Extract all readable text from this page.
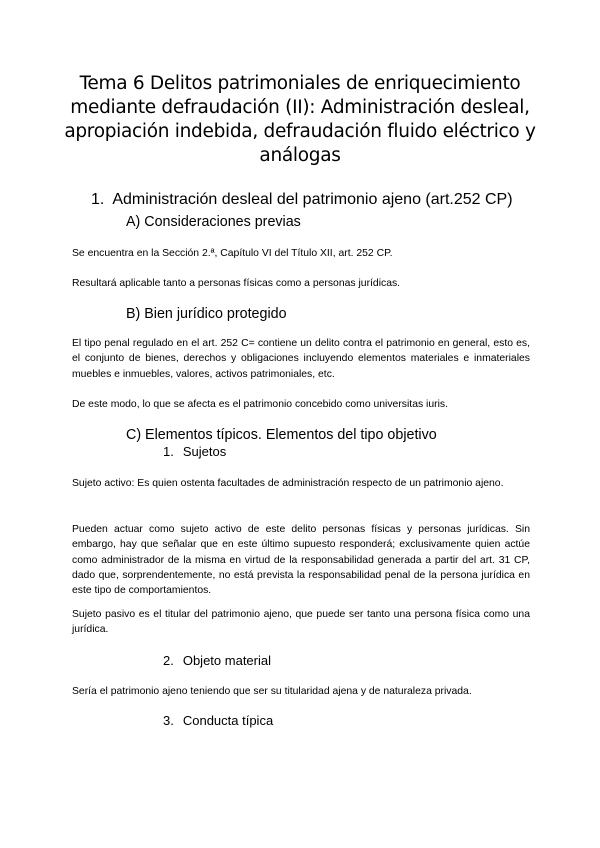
Tema 6 Delitos patrimoniales de enriquecimiento mediante defraudación (II): Administración desleal, apropiación indebida, defraudación fluido eléctrico y análogas
1. Administración desleal del patrimonio ajeno (art.252 CP)
A) Consideraciones previas

Se encuentra en la Sección 2.ª, Capítulo VI del Título XII, art. 252 CP.

Resultará aplicable tanto a personas físicas como a personas jurídicas.

B) Bien jurídico protegido

El tipo penal regulado en el art. 252 C= contiene un delito contra el patrimonio en general, esto es, el conjunto de bienes, derechos y obligaciones incluyendo elementos materiales e inmateriales muebles e inmuebles, valores, activos patrimoniales, etc.

De este modo, lo que se afecta es el patrimonio concebido como universitas iuris.

C) Elementos típicos. Elementos del tipo objetivo
1. Sujetos

Sujeto activo: Es quien ostenta facultades de administración respecto de un patrimonio ajeno.

Pueden actuar como sujeto activo de este delito personas físicas y personas jurídicas. Sin embargo, hay que señalar que en este último supuesto responderá; exclusivamente quien actúe como administrador de la misma en virtud de la responsabilidad generada a partir del art. 31 CP, dado que, sorprendentemente, no está prevista la responsabilidad penal de la persona jurídica en este tipo de comportamientos.

Sujeto pasivo es el titular del patrimonio ajeno, que puede ser tanto una persona física como una jurídica.

2. Objeto material

Sería el patrimonio ajeno teniendo que ser su titularidad ajena y de naturaleza privada.

3. Conducta típica
